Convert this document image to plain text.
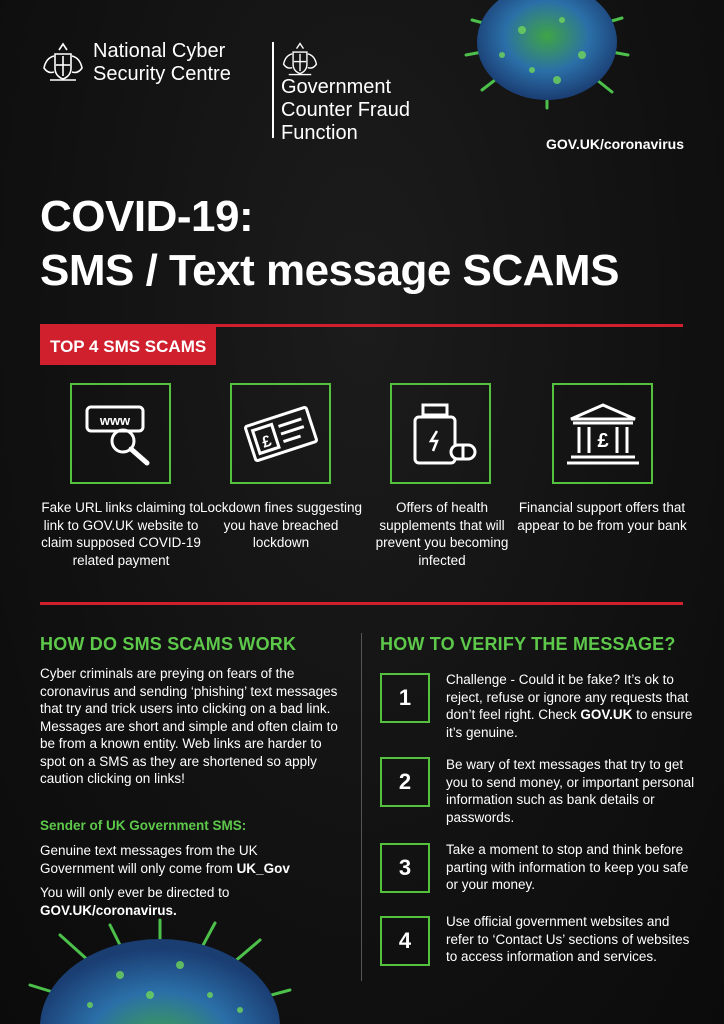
National Cyber
Security Centre
Government
Counter Fraud
Function	GOV.UK/coronavirus
COVID-19:
SMS / Text message SCAMS
TOP 4 SMS SCAMS
www
£	£
Fake URL links claiming to link to GOV.UK website to claim supposed COVID-19 related payment
Lockdown fines suggesting you have breached lockdown
Offers of health supplements that will prevent you becoming infected
Financial support offers that appear to be from your bank
HOW DO SMS SCAMS WORK
Cyber criminals are preying on fears of the coronavirus and sending ‘phishing’ text messages that try and trick users into clicking on a bad link. Messages are short and simple and often claim to be from a known entity. Web links are harder to spot on a SMS as they are shortened so apply caution clicking on links!
Sender of UK Government SMS:
Genuine text messages from the UK Government will only come from UK_Gov
You will only ever be directed to
GOV.UK/coronavirus.
HOW TO VERIFY THE MESSAGE?
1
Challenge - Could it be fake? It’s ok to reject, refuse or ignore any requests that don’t feel right. Check GOV.UK to ensure it’s genuine.
2
Be wary of text messages that try to get you to send money, or important personal information such as bank details or passwords.
3
Take a moment to stop and think before parting with information to keep you safe or your money.
4
Use official government websites and refer to ‘Contact Us’ sections of websites to access information and services.
